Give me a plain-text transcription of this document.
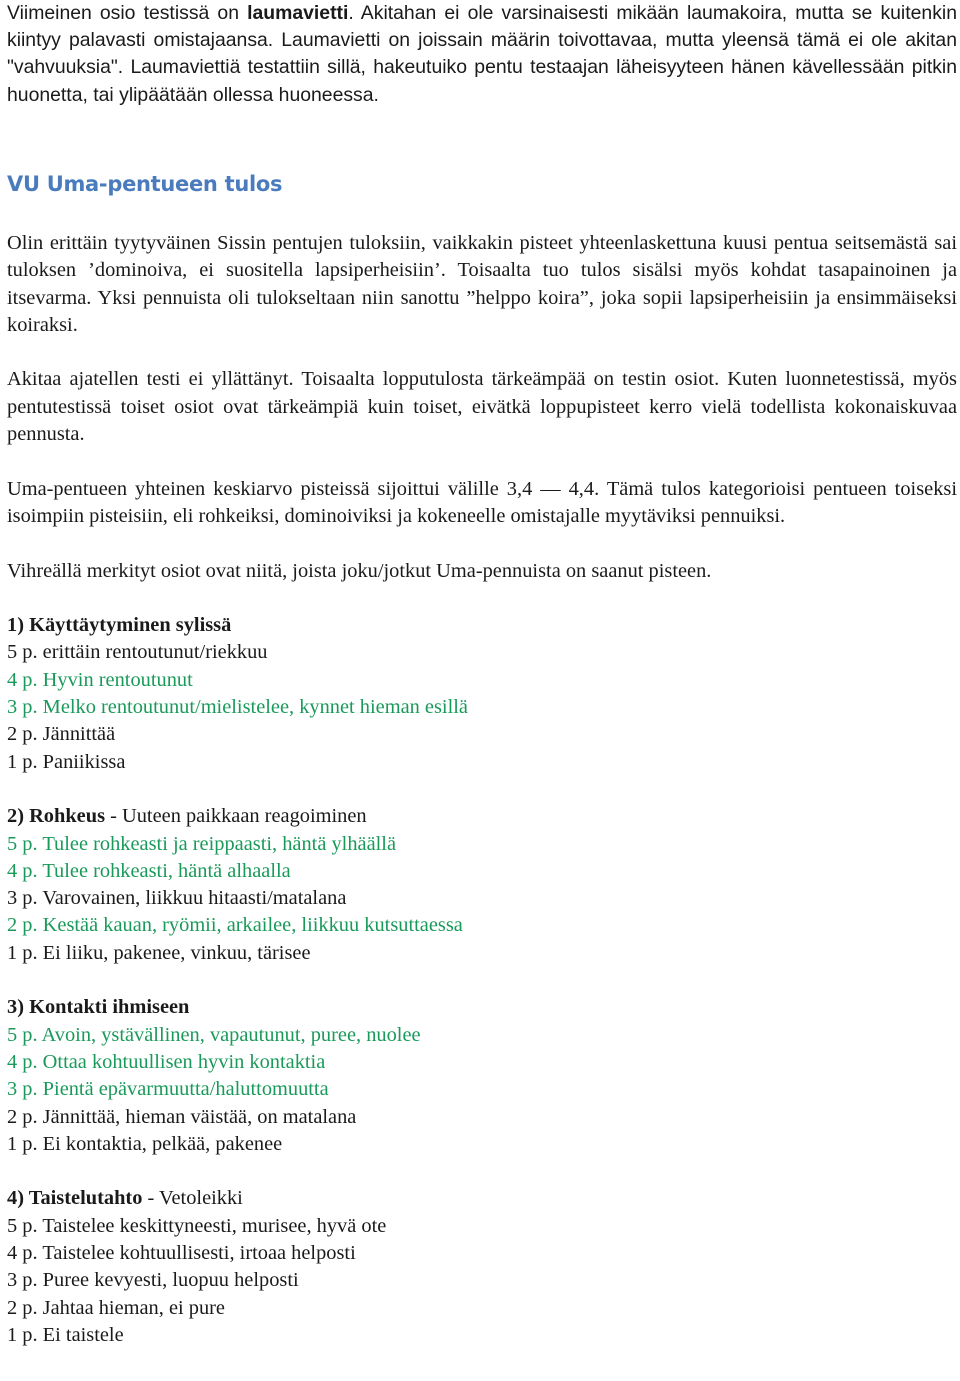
Viimeinen osio testissä on laumavietti. Akitahan ei ole varsinaisesti mikään laumakoira, mutta se kuitenkin kiintyy palavasti omistajaansa. Laumavietti on joissain määrin toivottavaa, mutta yleensä tämä ei ole akitan "vahvuuksia". Laumaviettiä testattiin sillä, hakeutuiko pentu testaajan läheisyyteen hänen kävellessään pitkin huonetta, tai ylipäätään ollessa huoneessa.

VU Uma-pentueen tulos

Olin erittäin tyytyväinen Sissin pentujen tuloksiin, vaikkakin pisteet yhteenlaskettuna kuusi pentua seitsemästä sai tuloksen ’dominoiva, ei suositella lapsiperheisiin’. Toisaalta tuo tulos sisälsi myös kohdat tasapainoinen ja itsevarma. Yksi pennuista oli tulokseltaan niin sanottu ”helppo koira”, joka sopii lapsiperheisiin ja ensimmäiseksi koiraksi.

Akitaa ajatellen testi ei yllättänyt. Toisaalta lopputulosta tärkeämpää on testin osiot. Kuten luonnetestissä, myös pentutestissä toiset osiot ovat tärkeämpiä kuin toiset, eivätkä loppupisteet kerro vielä todellista kokonaiskuvaa pennusta.

Uma-pentueen yhteinen keskiarvo pisteissä sijoittui välille 3,4 — 4,4. Tämä tulos kategorioisi pentueen toiseksi isoimpiin pisteisiin, eli rohkeiksi, dominoiviksi ja kokeneelle omistajalle myytäviksi pennuiksi.

Vihreällä merkityt osiot ovat niitä, joista joku/jotkut Uma-pennuista on saanut pisteen.

1) Käyttäytyminen sylissä
5 p. erittäin rentoutunut/riekkuu
4 p. Hyvin rentoutunut
3 p. Melko rentoutunut/mielistelee, kynnet hieman esillä
2 p. Jännittää
1 p. Paniikissa
2) Rohkeus - Uuteen paikkaan reagoiminen
5 p. Tulee rohkeasti ja reippaasti, häntä ylhäällä
4 p. Tulee rohkeasti, häntä alhaalla
3 p. Varovainen, liikkuu hitaasti/matalana
2 p. Kestää kauan, ryömii, arkailee, liikkuu kutsuttaessa
1 p. Ei liiku, pakenee, vinkuu, tärisee
3) Kontakti ihmiseen
5 p. Avoin, ystävällinen, vapautunut, puree, nuolee
4 p. Ottaa kohtuullisen hyvin kontaktia
3 p. Pientä epävarmuutta/haluttomuutta
2 p. Jännittää, hieman väistää, on matalana
1 p. Ei kontaktia, pelkää, pakenee
4) Taistelutahto - Vetoleikki
5 p. Taistelee keskittyneesti, murisee, hyvä ote
4 p. Taistelee kohtuullisesti, irtoaa helposti
3 p. Puree kevyesti, luopuu helposti
2 p. Jahtaa hieman, ei pure
1 p. Ei taistele
